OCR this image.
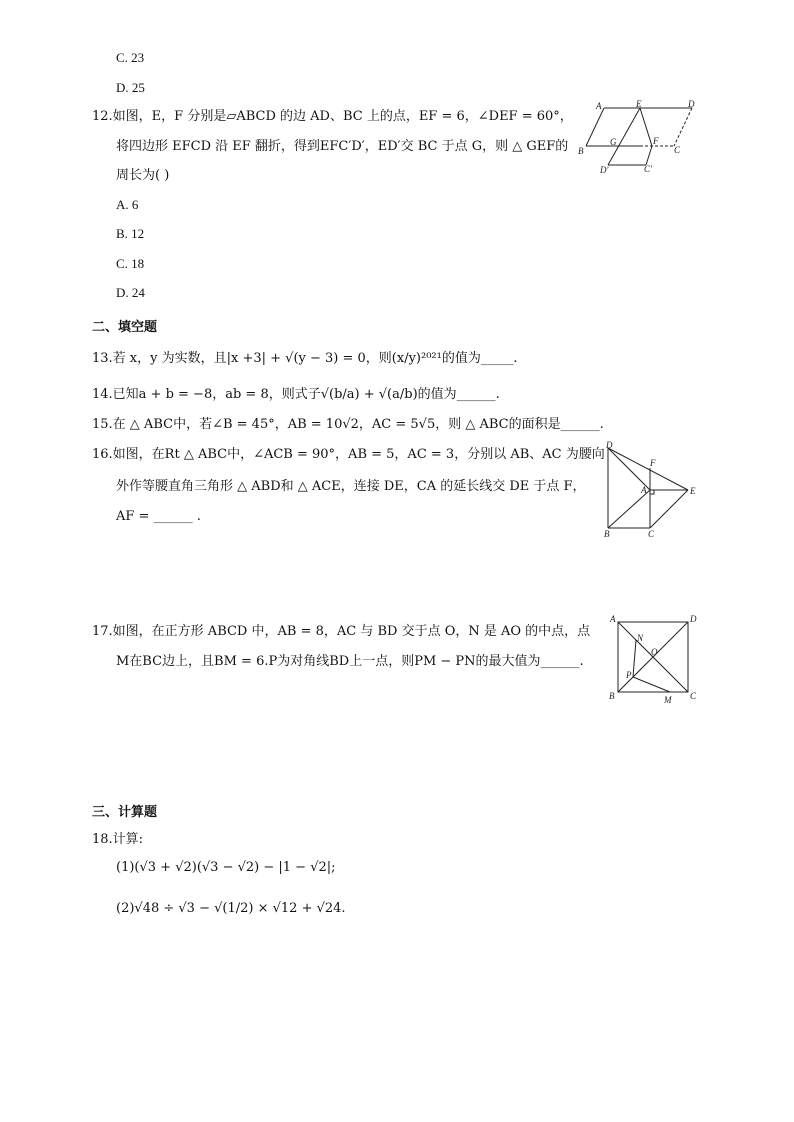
C. 23
D. 25
12.如图，E，F 分别是▱ABCD 的边 AD、BC 上的点，EF = 6，∠DEF = 60°，
将四边形 EFCD 沿 EF 翻折，得到EFC′D′，ED′交 BC 于点 G，则 △ GEF的
周长为( )
A. 6
B. 12
C. 18
D. 24
A	E	D
B
G	F
C
D′	C′
二、填空题
13.若 x，y 为实数，且|x +3| + √(y − 3) = 0，则(x/y)²⁰²¹的值为_____.
14.已知a + b = −8，ab = 8，则式子√(b/a) + √(a/b)的值为______.
15.在 △ ABC中，若∠B = 45°，AB = 10√2，AC = 5√5，则 △ ABC的面积是______.
16.如图，在Rt △ ABC中，∠ACB = 90°，AB = 5，AC = 3，分别以 AB、AC 为腰向
外作等腰直角三角形 △ ABD和 △ ACE，连接 DE，CA 的延长线交 DE 于点 F，
AF = ______ .
D
F
A	E
B	C
17.如图，在正方形 ABCD 中，AB = 8，AC 与 BD 交于点 O，N 是 AO 的中点，点
M在BC边上，且BM = 6.P为对角线BD上一点，则PM − PN的最大值为______.
A	D
N
O
P
B	M C
三、计算题
18.计算:
(1)(√3 + √2)(√3 − √2) − |1 − √2|;
(2)√48 ÷ √3 − √(1/2) × √12 + √24.
